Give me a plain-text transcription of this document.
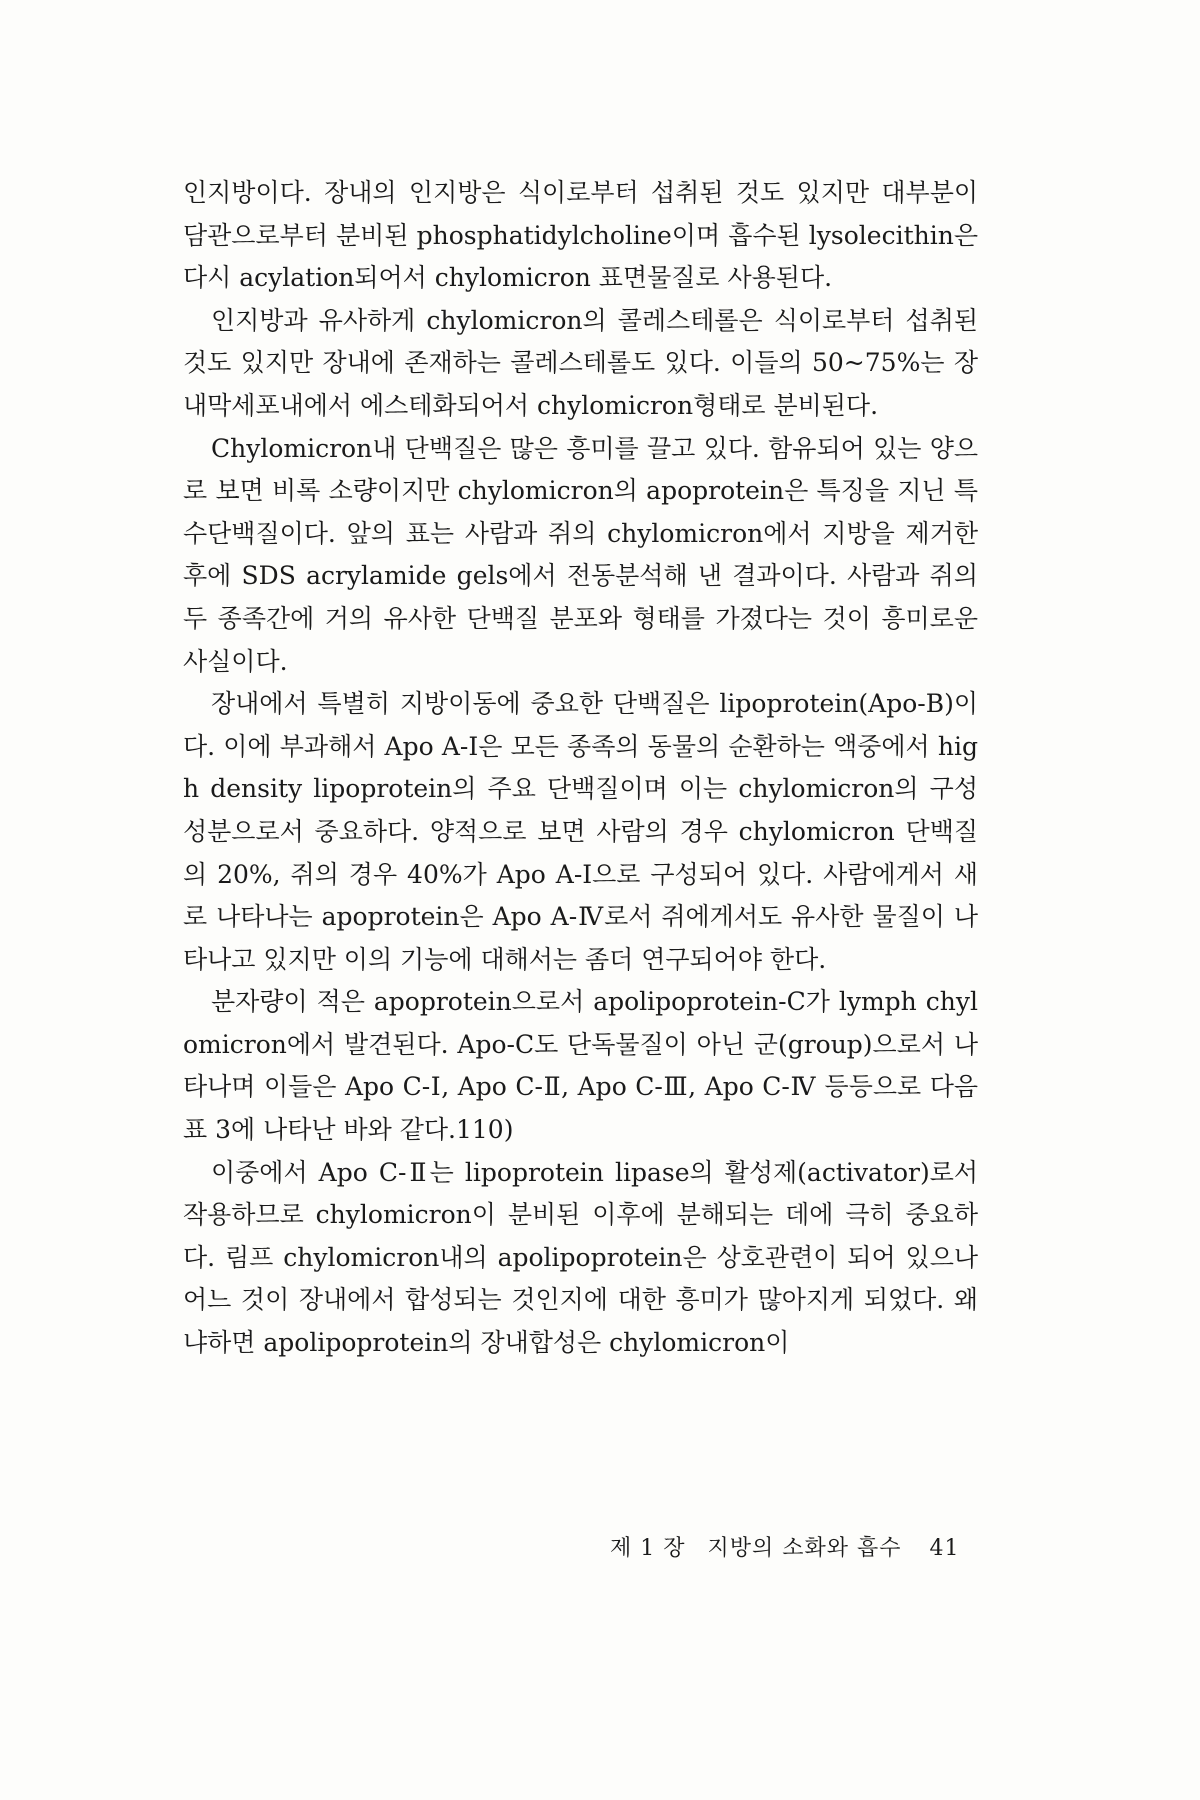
인지방이다. 장내의 인지방은 식이로부터 섭취된 것도 있지만 대부분이 담관으로부터 분비된 phosphatidylcholine이며 흡수된 lysolecithin은 다시 acylation되어서 chylomicron 표면물질로 사용된다.

인지방과 유사하게 chylomicron의 콜레스테롤은 식이로부터 섭취된 것도 있지만 장내에 존재하는 콜레스테롤도 있다. 이들의 50~75%는 장내막세포내에서 에스테화되어서 chylomicron형태로 분비된다.

Chylomicron내 단백질은 많은 흥미를 끌고 있다. 함유되어 있는 양으로 보면 비록 소량이지만 chylomicron의 apoprotein은 특징을 지닌 특수단백질이다. 앞의 표는 사람과 쥐의 chylomicron에서 지방을 제거한 후에 SDS acrylamide gels에서 전동분석해 낸 결과이다. 사람과 쥐의 두 종족간에 거의 유사한 단백질 분포와 형태를 가졌다는 것이 흥미로운 사실이다.

장내에서 특별히 지방이동에 중요한 단백질은 lipoprotein(Apo-B)이다. 이에 부과해서 Apo A-I은 모든 종족의 동물의 순환하는 액중에서 high density lipoprotein의 주요 단백질이며 이는 chylomicron의 구성성분으로서 중요하다. 양적으로 보면 사람의 경우 chylomicron 단백질의 20%, 쥐의 경우 40%가 Apo A-I으로 구성되어 있다. 사람에게서 새로 나타나는 apoprotein은 Apo A-Ⅳ로서 쥐에게서도 유사한 물질이 나타나고 있지만 이의 기능에 대해서는 좀더 연구되어야 한다.

분자량이 적은 apoprotein으로서 apolipoprotein-C가 lymph chylomicron에서 발견된다. Apo-C도 단독물질이 아닌 군(group)으로서 나타나며 이들은 Apo C-Ⅰ, Apo C-Ⅱ, Apo C-Ⅲ, Apo C-Ⅳ 등등으로 다음 표 3에 나타난 바와 같다.110)

이중에서 Apo C-Ⅱ는 lipoprotein lipase의 활성제(activator)로서 작용하므로 chylomicron이 분비된 이후에 분해되는 데에 극히 중요하다. 림프 chylomicron내의 apolipoprotein은 상호관련이 되어 있으나 어느 것이 장내에서 합성되는 것인지에 대한 흥미가 많아지게 되었다. 왜냐하면 apolipoprotein의 장내합성은 chylomicron이

제 1 장 지방의 소화와 흡수 41
